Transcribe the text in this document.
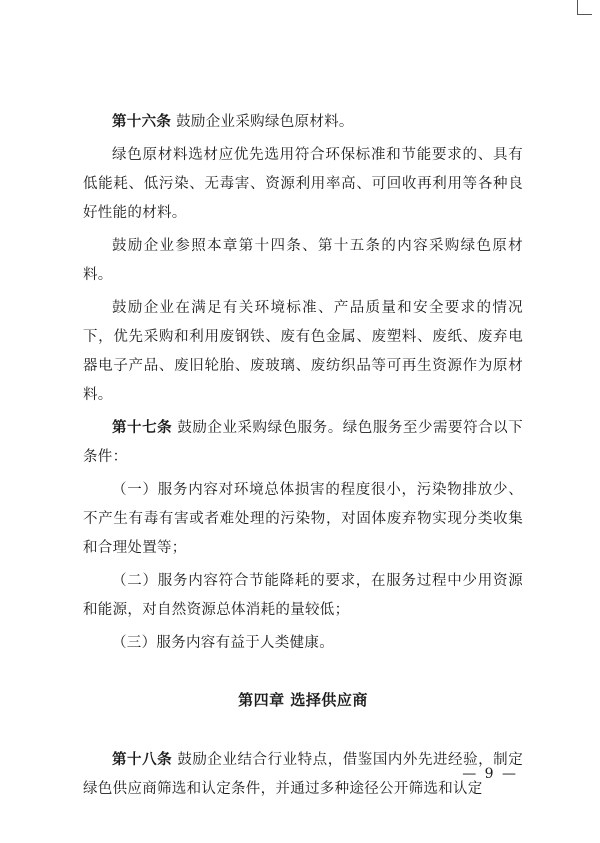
第十六条 鼓励企业采购绿色原材料。

绿色原材料选材应优先选用符合环保标准和节能要求的、具有低能耗、低污染、无毒害、资源利用率高、可回收再利用等各种良好性能的材料。

鼓励企业参照本章第十四条、第十五条的内容采购绿色原材料。

鼓励企业在满足有关环境标准、产品质量和安全要求的情况下，优先采购和利用废钢铁、废有色金属、废塑料、废纸、废弃电器电子产品、废旧轮胎、废玻璃、废纺织品等可再生资源作为原材料。

第十七条 鼓励企业采购绿色服务。绿色服务至少需要符合以下条件：

（一）服务内容对环境总体损害的程度很小，污染物排放少、不产生有毒有害或者难处理的污染物，对固体废弃物实现分类收集和合理处置等；

（二）服务内容符合节能降耗的要求，在服务过程中少用资源和能源，对自然资源总体消耗的量较低；

（三）服务内容有益于人类健康。

第四章 选择供应商

第十八条 鼓励企业结合行业特点，借鉴国内外先进经验，制定绿色供应商筛选和认定条件，并通过多种途径公开筛选和认定

— 9 —
